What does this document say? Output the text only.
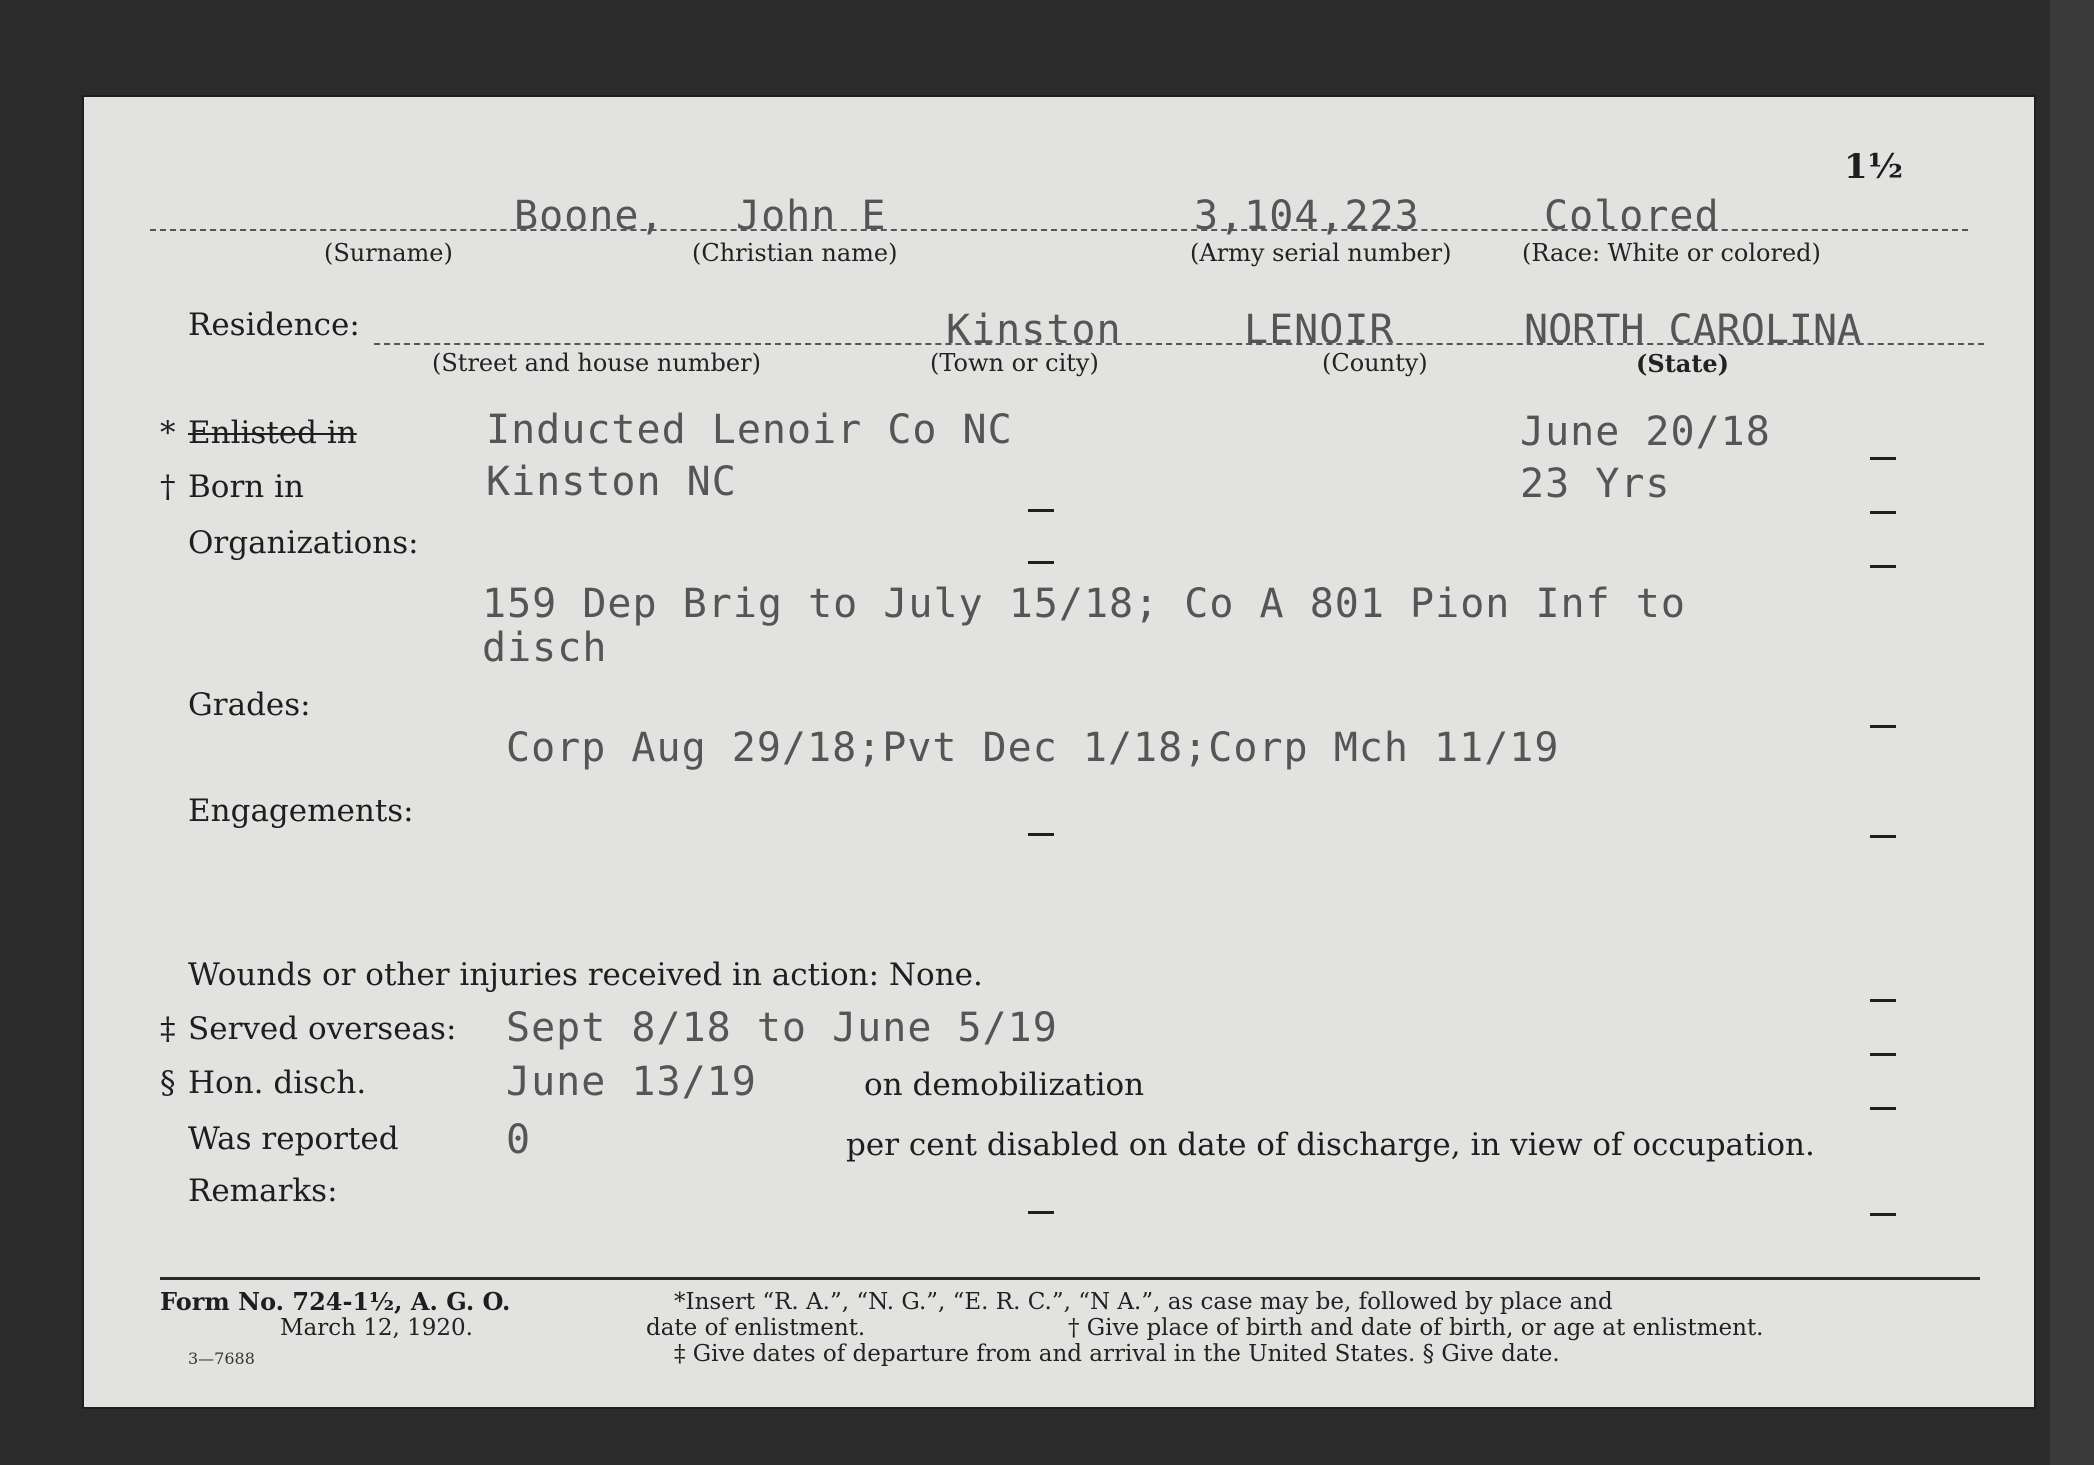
1½
Boone, John E	3,104,223	Colored
(Surname)	(Christian name)	(Army serial number)	(Race: White or colored)
Residence:	Kinston	LENOIR	NORTH CAROLINA
(Street and house number)	(Town or city)	(County)	(State)
* Enlisted in	Inducted Lenoir Co NC	June 20/18
† Born in	Kinston NC	23 Yrs
Organizations:
159 Dep Brig to July 15/18; Co A 801 Pion Inf to
disch
Grades:
Corp Aug 29/18;Pvt Dec 1/18;Corp Mch 11/19
Engagements:
Wounds or other injuries received in action: None.
‡ Served overseas: Sept 8/18 to June 5/19
§ Hon. disch.	June 13/19	on demobilization
Was reported	0	per cent disabled on date of discharge, in view of occupation.
Remarks:
Form No. 724-1½, A. G. O.
March 12, 1920.
3—7688
*Insert “R. A.”, “N. G.”, “E. R. C.”, “N A.”, as case may be, followed by place and
date of enlistment.	† Give place of birth and date of birth, or age at enlistment.
‡ Give dates of departure from and arrival in the United States. § Give date.
